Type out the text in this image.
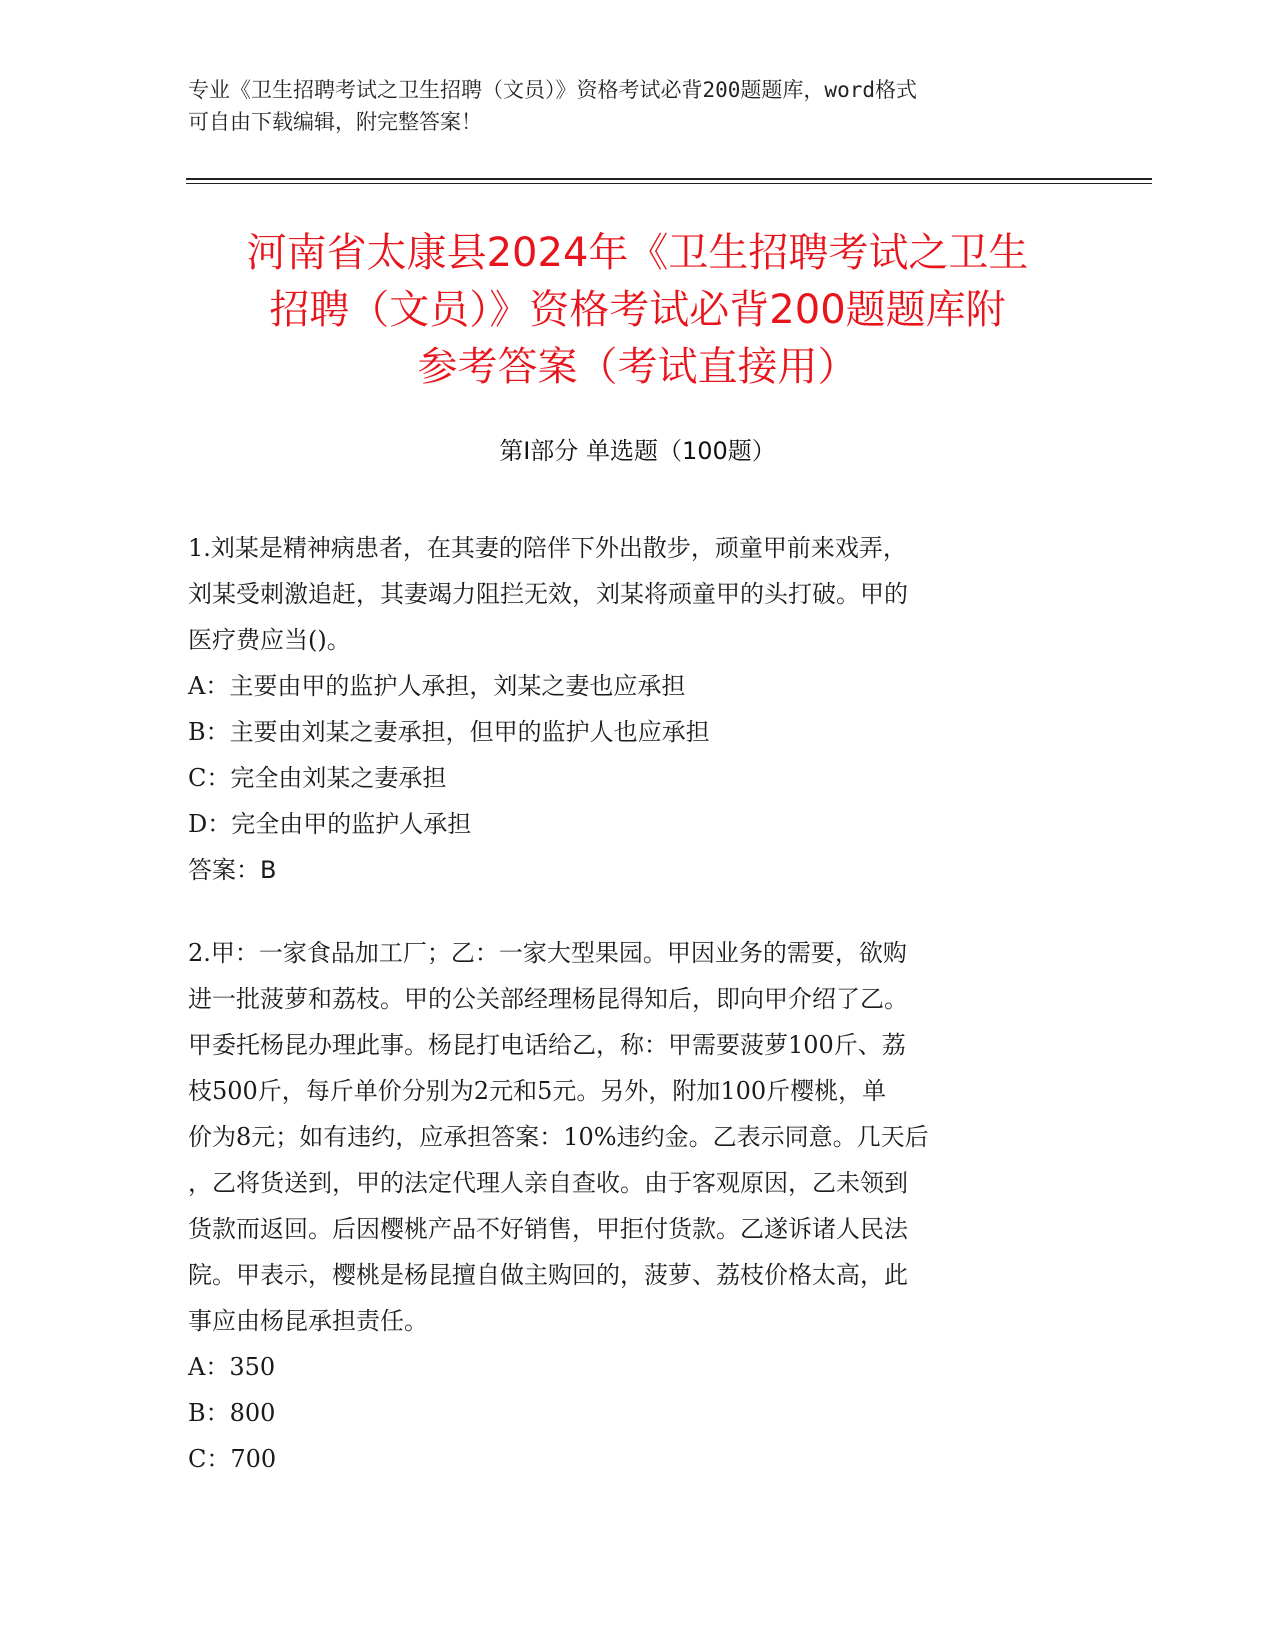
专业《卫生招聘考试之卫生招聘（文员）》资格考试必背200题题库，word格式
可自由下载编辑，附完整答案！
河南省太康县2024年《卫生招聘考试之卫生
招聘（文员）》资格考试必背200题题库附
参考答案（考试直接用）
第Ⅰ部分 单选题（100题）
1.刘某是精神病患者，在其妻的陪伴下外出散步，顽童甲前来戏弄，
刘某受刺激追赶，其妻竭力阻拦无效，刘某将顽童甲的头打破。甲的
医疗费应当()。
A：主要由甲的监护人承担，刘某之妻也应承担
B：主要由刘某之妻承担，但甲的监护人也应承担
C：完全由刘某之妻承担
D：完全由甲的监护人承担
答案：B
2.甲：一家食品加工厂；乙：一家大型果园。甲因业务的需要，欲购
进一批菠萝和荔枝。甲的公关部经理杨昆得知后，即向甲介绍了乙。
甲委托杨昆办理此事。杨昆打电话给乙，称：甲需要菠萝100斤、荔
枝500斤，每斤单价分别为2元和5元。另外，附加100斤樱桃，单
价为8元；如有违约，应承担答案：10%违约金。乙表示同意。几天后
，乙将货送到，甲的法定代理人亲自查收。由于客观原因，乙未领到
货款而返回。后因樱桃产品不好销售，甲拒付货款。乙遂诉诸人民法
院。甲表示，樱桃是杨昆擅自做主购回的，菠萝、荔枝价格太高，此
事应由杨昆承担责任。
A：350
B：800
C：700
